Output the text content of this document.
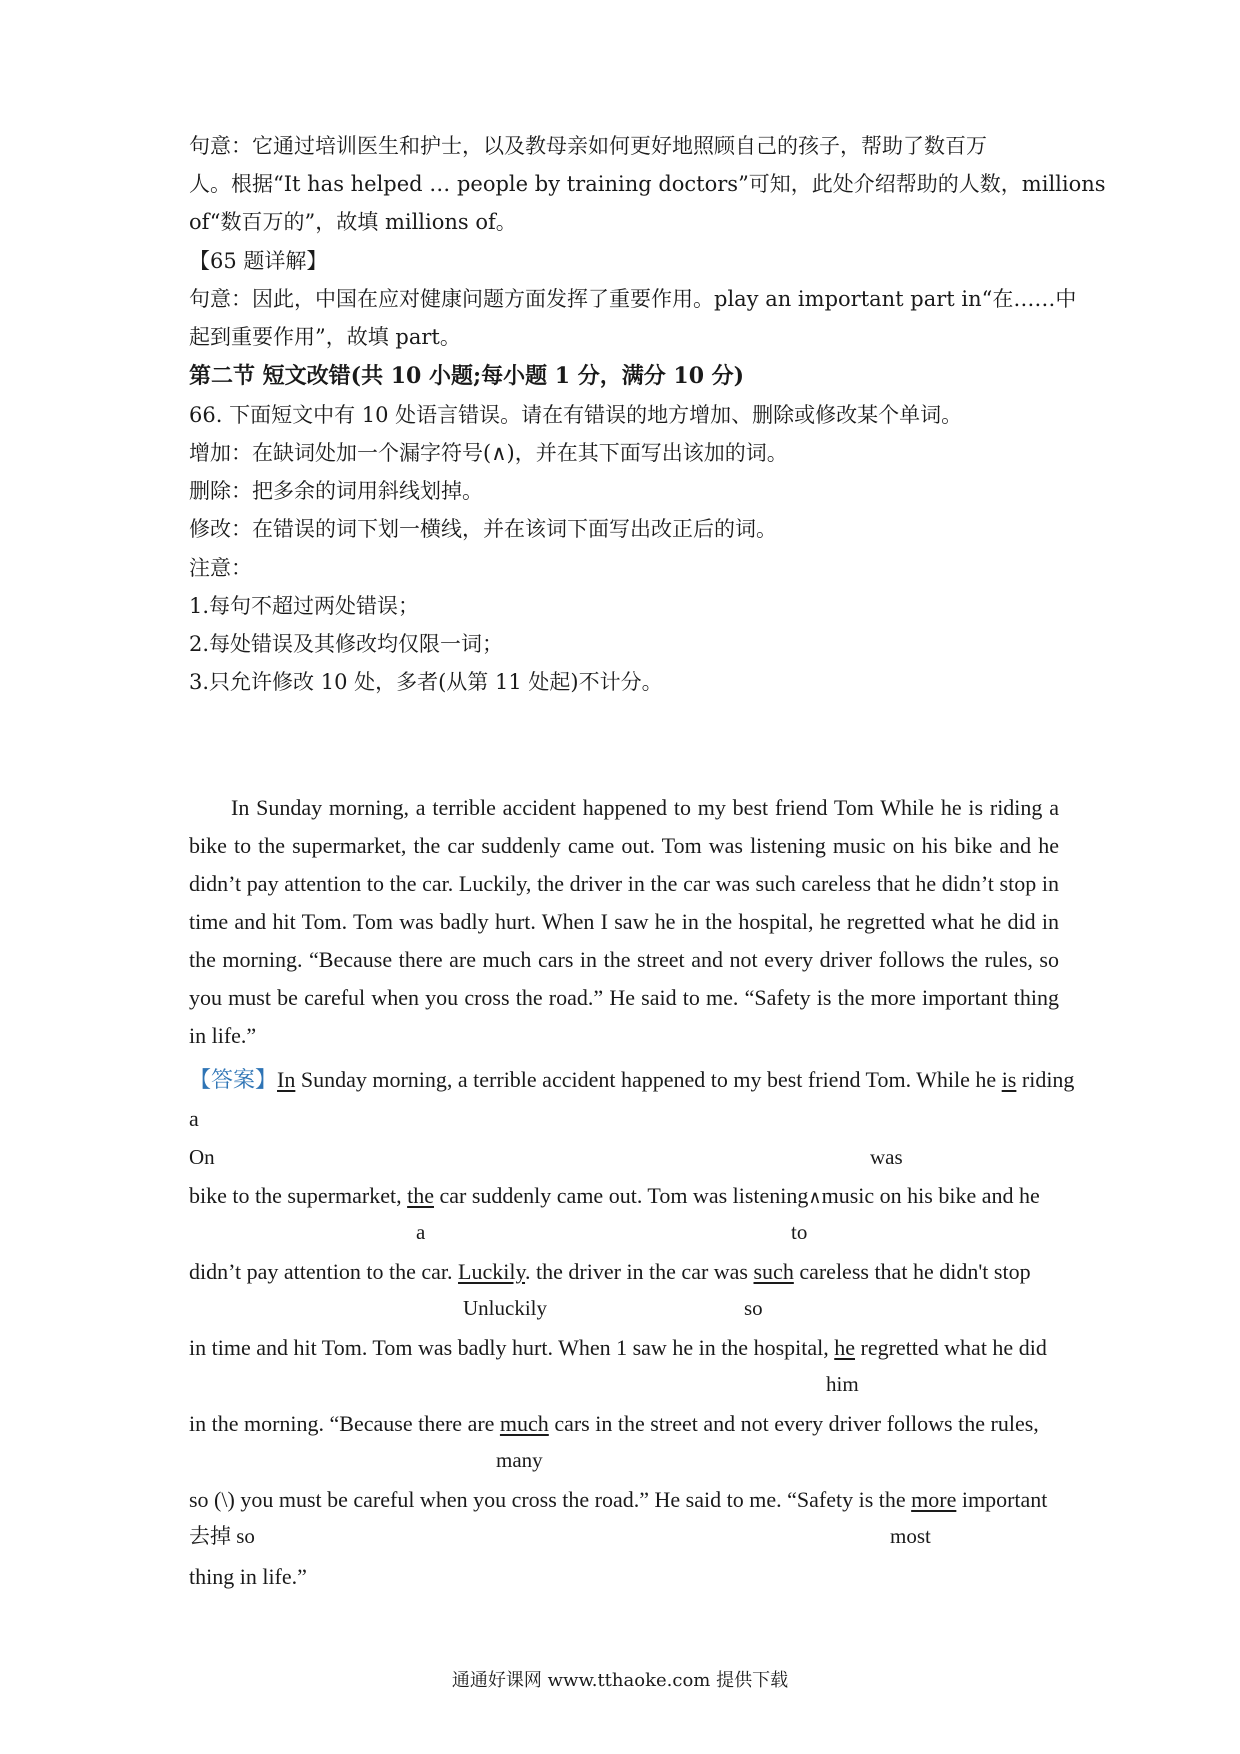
句意：它通过培训医生和护士，以及教母亲如何更好地照顾自己的孩子，帮助了数百万
人。根据“It has helped … people by training doctors”可知，此处介绍帮助的人数，millions
of“数百万的”，故填 millions of。
【65 题详解】
句意：因此，中国在应对健康问题方面发挥了重要作用。play an important part in“在……中
起到重要作用”，故填 part。
第二节 短文改错(共 10 小题;每小题 1 分，满分 10 分)
66. 下面短文中有 10 处语言错误。请在有错误的地方增加、删除或修改某个单词。
增加：在缺词处加一个漏字符号(∧)，并在其下面写出该加的词。
删除：把多余的词用斜线划掉。
修改：在错误的词下划一横线，并在该词下面写出改正后的词。
注意：
1.每句不超过两处错误；
2.每处错误及其修改均仅限一词；
3.只允许修改 10 处，多者(从第 11 处起)不计分。
In Sunday morning, a terrible accident happened to my best friend Tom While he is riding a bike to the supermarket, the car suddenly came out. Tom was listening music on his bike and he didn’t pay attention to the car. Luckily, the driver in the car was such careless that he didn’t stop in time and hit Tom. Tom was badly hurt. When I saw he in the hospital, he regretted what he did in the morning. “Because there are much cars in the street and not every driver follows the rules, so you must be careful when you cross the road.” He said to me. “Safety is the more important thing in life.”
【答案】In Sunday morning, a terrible accident happened to my best friend Tom. While he is riding
a
On	was
bike to the supermarket, the car suddenly came out. Tom was listening∧music on his bike and he
a	to
didn’t pay attention to the car. Luckily. the driver in the car was such careless that he didn't stop
Unluckily	so
in time and hit Tom. Tom was badly hurt. When 1 saw he in the hospital, he regretted what he did
him
in the morning. “Because there are much cars in the street and not every driver follows the rules,
many
so (\) you must be careful when you cross the road.” He said to me. “Safety is the more important
去掉 so	most
thing in life.”
通通好课网 www.tthaoke.com 提供下载
